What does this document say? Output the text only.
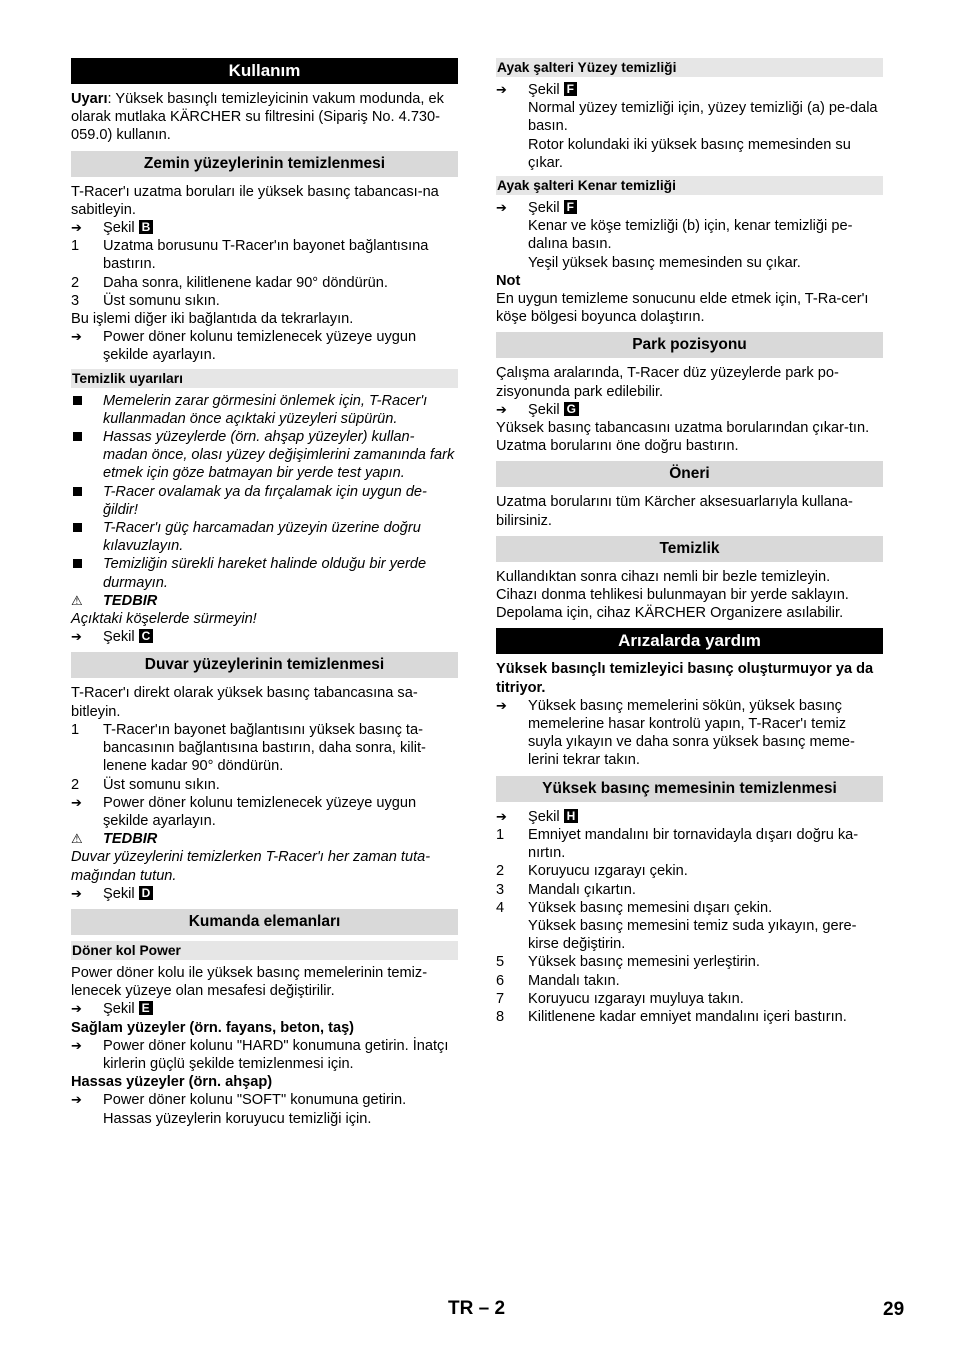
Kullanım

Uyarı: Yüksek basınçlı temizleyicinin vakum modunda, ek olarak mutlaka KÄRCHER su filtresini (Sipariş No. 4.730-059.0) kullanın.

Zemin yüzeylerinin temizlenmesi

T-Racer'ı uzatma boruları ile yüksek basınç tabancası-na sabitleyin.

➔	Şekil B
1	Uzatma borusunu T-Racer'ın bayonet bağlantısına bastırın.
2	Daha sonra, kilitlenene kadar 90° döndürün.
3	Üst somunu sıkın.

Bu işlemi diğer iki bağlantıda da tekrarlayın.

➔	Power döner kolunu temizlenecek yüzeye uygun şekilde ayarlayın.
Temizlik uyarıları
Memelerin zarar görmesini önlemek için, T-Racer'ı kullanmadan önce açıktaki yüzeyleri süpürün.
Hassas yüzeylerde (örn. ahşap yüzeyler) kullan-madan önce, olası yüzey değişimlerini zamanında fark etmek için göze batmayan bir yerde test yapın.
T-Racer ovalamak ya da fırçalamak için uygun de-ğildir!
T-Racer'ı güç harcamadan yüzeyin üzerine doğru kılavuzlayın.
Temizliğin sürekli hareket halinde olduğu bir yerde durmayın.
⚠	TEDBIR

Açıktaki köşelerde sürmeyin!

➔	Şekil C
Duvar yüzeylerinin temizlenmesi

T-Racer'ı direkt olarak yüksek basınç tabancasına sa-bitleyin.

1	T-Racer'ın bayonet bağlantısını yüksek basınç ta-bancasının bağlantısına bastırın, daha sonra, kilit-lenene kadar 90° döndürün.
2	Üst somunu sıkın.
➔	Power döner kolunu temizlenecek yüzeye uygun şekilde ayarlayın.
⚠	TEDBIR

Duvar yüzeylerini temizlerken T-Racer'ı her zaman tuta-mağından tutun.

➔	Şekil D
Kumanda elemanları
Döner kol Power

Power döner kolu ile yüksek basınç memelerinin temiz-lenecek yüzeye olan mesafesi değiştirilir.

➔	Şekil E

Sağlam yüzeyler (örn. fayans, beton, taş)

➔	Power döner kolunu "HARD" konumuna getirin. İnatçı kirlerin güçlü şekilde temizlenmesi için.

Hassas yüzeyler (örn. ahşap)

➔	Power döner kolunu "SOFT" konumuna getirin. Hassas yüzeylerin koruyucu temizliği için.
Ayak şalteri Yüzey temizliği
➔	Şekil F
Normal yüzey temizliği için, yüzey temizliği (a) pe-dala basın.
Rotor kolundaki iki yüksek basınç memesinden su çıkar.
Ayak şalteri Kenar temizliği
➔	Şekil F
Kenar ve köşe temizliği (b) için, kenar temizliği pe-dalına basın.
Yeşil yüksek basınç memesinden su çıkar.

Not

En uygun temizleme sonucunu elde etmek için, T-Ra-cer'ı köşe bölgesi boyunca dolaştırın.

Park pozisyonu

Çalışma aralarında, T-Racer düz yüzeylerde park po-zisyonunda park edilebilir.

➔	Şekil G

Yüksek basınç tabancasını uzatma borularından çıkar-tın.

Uzatma borularını öne doğru bastırın.

Öneri

Uzatma borularını tüm Kärcher aksesuarlarıyla kullana-bilirsiniz.

Temizlik

Kullandıktan sonra cihazı nemli bir bezle temizleyin.

Cihazı donma tehlikesi bulunmayan bir yerde saklayın.

Depolama için, cihaz KÄRCHER Organizere asılabilir.

Arızalarda yardım

Yüksek basınçlı temizleyici basınç oluşturmuyor ya da titriyor.

➔	Yüksek basınç memelerini sökün, yüksek basınç memelerine hasar kontrolü yapın, T-Racer'ı temiz suyla yıkayın ve daha sonra yüksek basınç meme-lerini tekrar takın.
Yüksek basınç memesinin temizlenmesi
➔	Şekil H
1	Emniyet mandalını bir tornavidayla dışarı doğru ka-nırtın.
2	Koruyucu ızgarayı çekin.
3	Mandalı çıkartın.
4	Yüksek basınç memesini dışarı çekin.
Yüksek basınç memesini temiz suda yıkayın, gere-kirse değiştirin.
5	Yüksek basınç memesini yerleştirin.
6	Mandalı takın.
7	Koruyucu ızgarayı muyluya takın.
8	Kilitlenene kadar emniyet mandalını içeri bastırın.
TR – 2	29
